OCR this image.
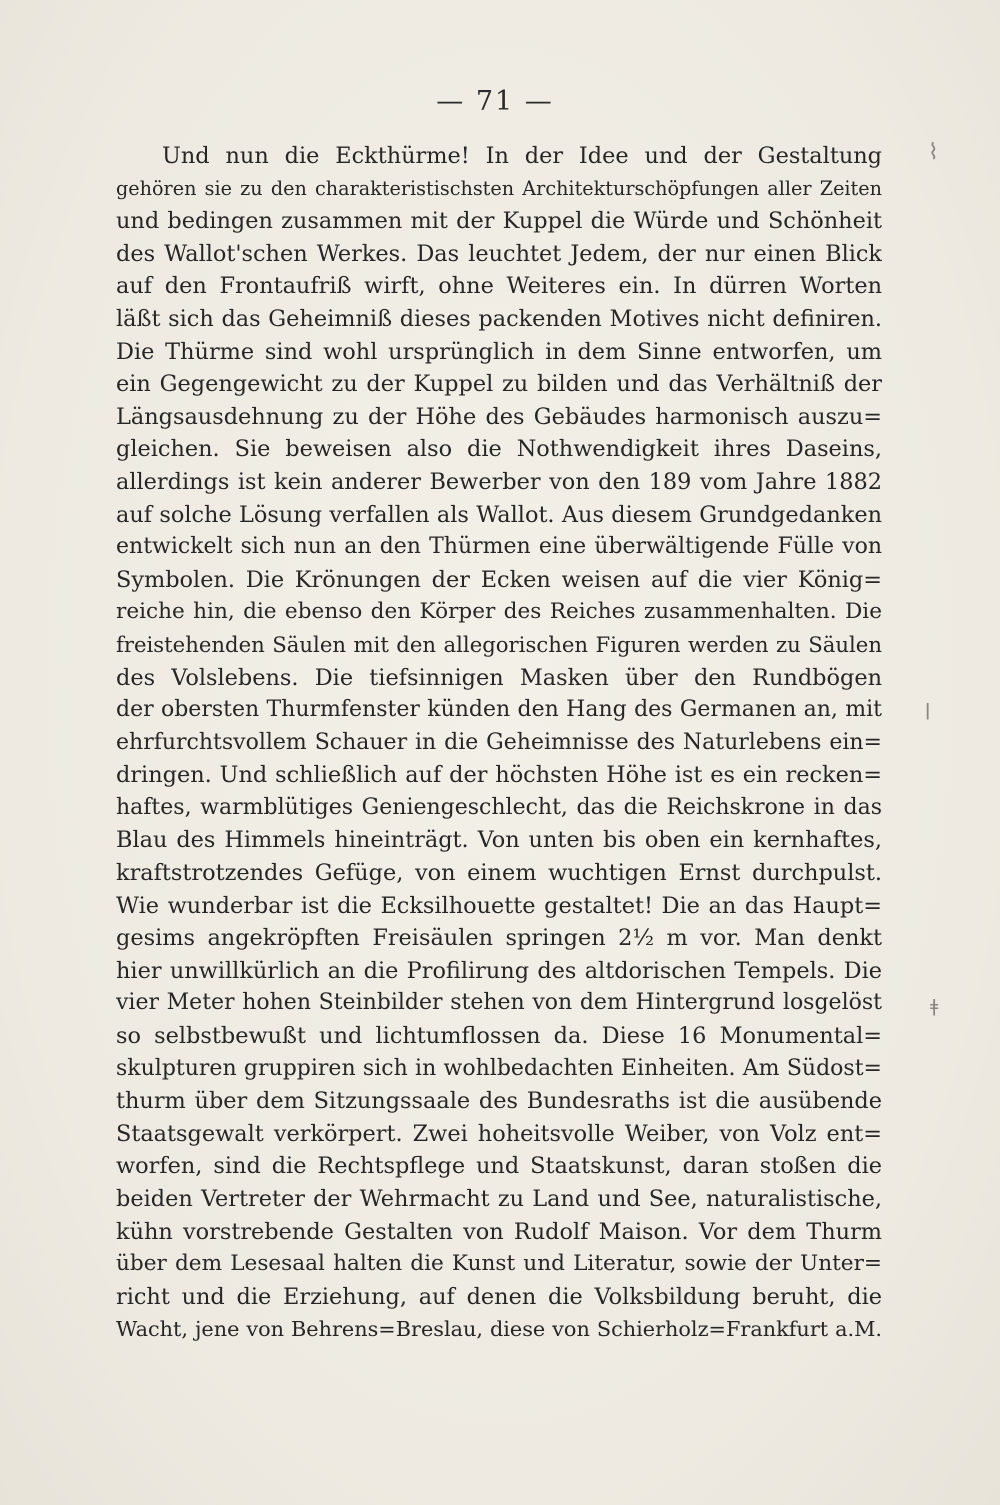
— 71 —
Und nun die Eckthürme! In der Idee und der Gestaltung
gehören sie zu den charakteristischsten Architekturschöpfungen aller Zeiten
und bedingen zusammen mit der Kuppel die Würde und Schönheit
des Wallot'schen Werkes. Das leuchtet Jedem, der nur einen Blick
auf den Frontaufriß wirft, ohne Weiteres ein. In dürren Worten
läßt sich das Geheimniß dieses packenden Motives nicht definiren.
Die Thürme sind wohl ursprünglich in dem Sinne entworfen, um
ein Gegengewicht zu der Kuppel zu bilden und das Verhältniß der
Längsausdehnung zu der Höhe des Gebäudes harmonisch auszu=
gleichen. Sie beweisen also die Nothwendigkeit ihres Daseins,
allerdings ist kein anderer Bewerber von den 189 vom Jahre 1882
auf solche Lösung verfallen als Wallot. Aus diesem Grundgedanken
entwickelt sich nun an den Thürmen eine überwältigende Fülle von
Symbolen. Die Krönungen der Ecken weisen auf die vier König=
reiche hin, die ebenso den Körper des Reiches zusammenhalten. Die
freistehenden Säulen mit den allegorischen Figuren werden zu Säulen
des Volslebens. Die tiefsinnigen Masken über den Rundbögen
der obersten Thurmfenster künden den Hang des Germanen an, mit
ehrfurchtsvollem Schauer in die Geheimnisse des Naturlebens ein=
dringen. Und schließlich auf der höchsten Höhe ist es ein recken=
haftes, warmblütiges Geniengeschlecht, das die Reichskrone in das
Blau des Himmels hineinträgt. Von unten bis oben ein kernhaftes,
kraftstrotzendes Gefüge, von einem wuchtigen Ernst durchpulst.
Wie wunderbar ist die Ecksilhouette gestaltet! Die an das Haupt=
gesims angekröpften Freisäulen springen 2½ m vor. Man denkt
hier unwillkürlich an die Profilirung des altdorischen Tempels. Die
vier Meter hohen Steinbilder stehen von dem Hintergrund losgelöst
so selbstbewußt und lichtumflossen da. Diese 16 Monumental=
skulpturen gruppiren sich in wohlbedachten Einheiten. Am Südost=
thurm über dem Sitzungssaale des Bundesraths ist die ausübende
Staatsgewalt verkörpert. Zwei hoheitsvolle Weiber, von Volz ent=
worfen, sind die Rechtspflege und Staatskunst, daran stoßen die
beiden Vertreter der Wehrmacht zu Land und See, naturalistische,
kühn vorstrebende Gestalten von Rudolf Maison. Vor dem Thurm
über dem Lesesaal halten die Kunst und Literatur, sowie der Unter=
richt und die Erziehung, auf denen die Volksbildung beruht, die
Wacht, jene von Behrens=Breslau, diese von Schierholz=Frankfurt a.M.
⌇
ǀ
ǂ
